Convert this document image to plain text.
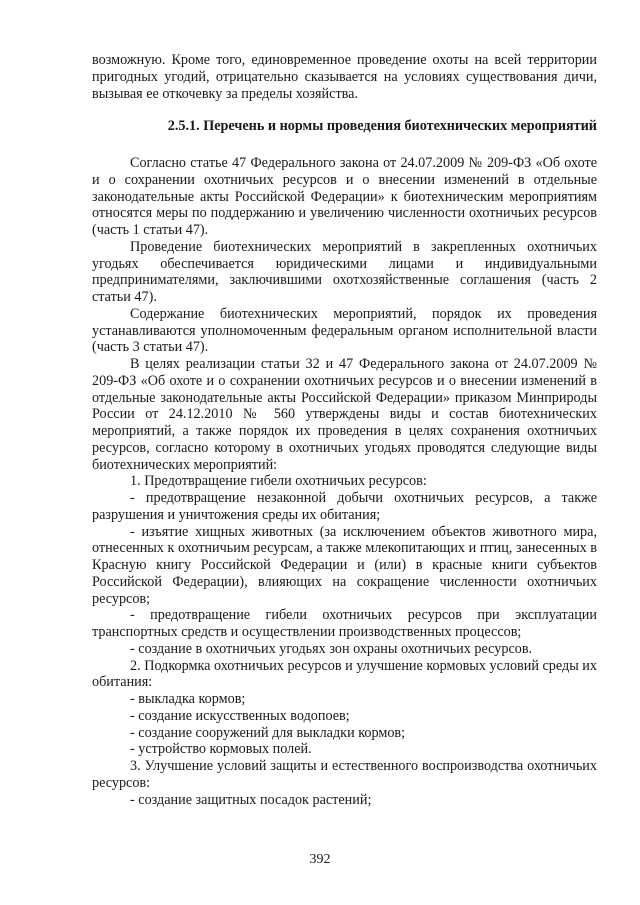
возможную. Кроме того, единовременное проведение охоты на всей территории пригодных угодий, отрицательно сказывается на условиях существования дичи, вызывая ее откочевку за пределы хозяйства.

2.5.1. Перечень и нормы проведения биотехнических мероприятий

Согласно статье 47 Федерального закона от 24.07.2009 № 209-ФЗ «Об охоте и о сохранении охотничьих ресурсов и о внесении изменений в отдельные законодательные акты Российской Федерации» к биотехническим мероприятиям относятся меры по поддержанию и увеличению численности охотничьих ресурсов (часть 1 статьи 47).

Проведение биотехнических мероприятий в закрепленных охотничьих угодьях обеспечивается юридическими лицами и индивидуальными предпринимателями, заключившими охотхозяйственные соглашения (часть 2 статьи 47).

Содержание биотехнических мероприятий, порядок их проведения устанавливаются уполномоченным федеральным органом исполнительной власти (часть 3 статьи 47).

В целях реализации статьи 32 и 47 Федерального закона от 24.07.2009 № 209-ФЗ «Об охоте и о сохранении охотничьих ресурсов и о внесении изменений в отдельные законодательные акты Российской Федерации» приказом Минприроды России от 24.12.2010 № 560 утверждены виды и состав биотехнических мероприятий, а также порядок их проведения в целях сохранения охотничьих ресурсов, согласно которому в охотничьих угодьях проводятся следующие виды биотехнических мероприятий:

1. Предотвращение гибели охотничьих ресурсов:

- предотвращение незаконной добычи охотничьих ресурсов, а также разрушения и уничтожения среды их обитания;

- изъятие хищных животных (за исключением объектов животного мира, отнесенных к охотничьим ресурсам, а также млекопитающих и птиц, занесенных в Красную книгу Российской Федерации и (или) в красные книги субъектов Российской Федерации), влияющих на сокращение численности охотничьих ресурсов;

- предотвращение гибели охотничьих ресурсов при эксплуатации транспортных средств и осуществлении производственных процессов;

- создание в охотничьих угодьях зон охраны охотничьих ресурсов.

2. Подкормка охотничьих ресурсов и улучшение кормовых условий среды их обитания:

- выкладка кормов;

- создание искусственных водопоев;

- создание сооружений для выкладки кормов;

- устройство кормовых полей.

3. Улучшение условий защиты и естественного воспроизводства охотничьих ресурсов:

- создание защитных посадок растений;

392
